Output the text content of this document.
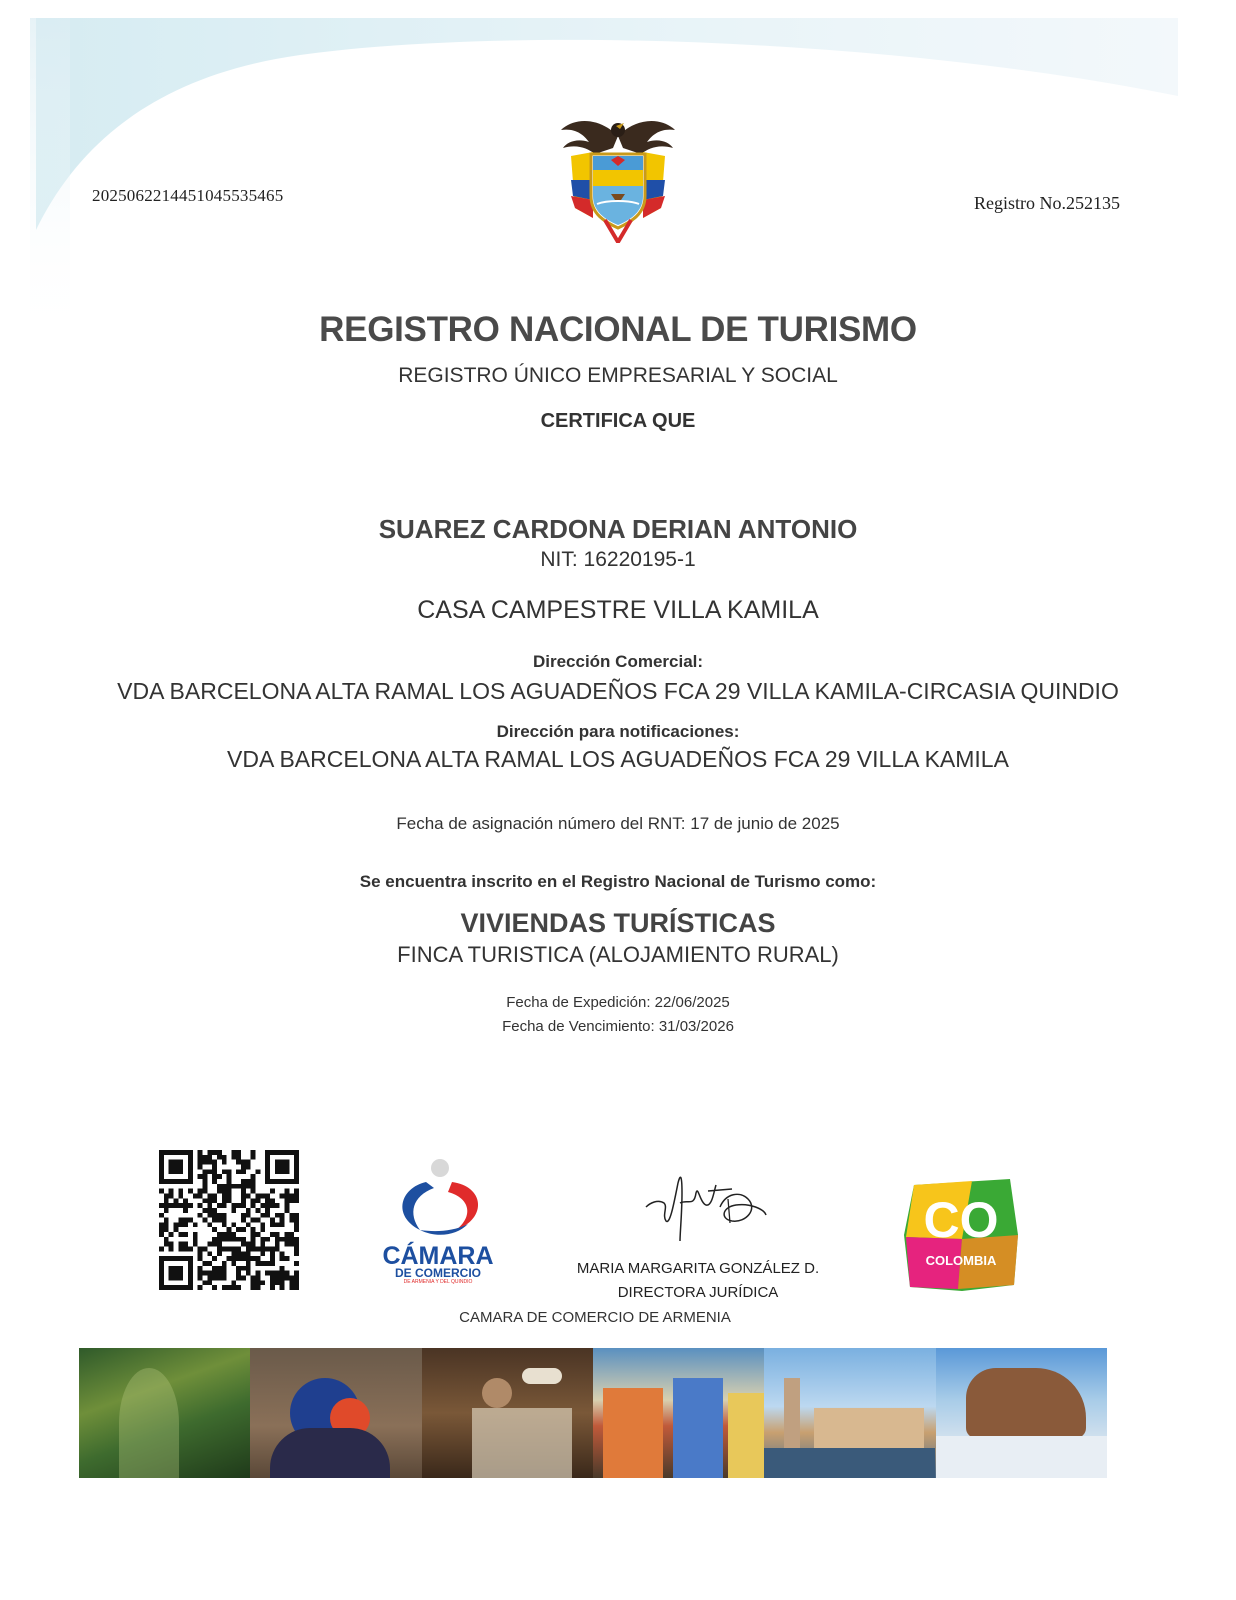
2025062214451045535465	Registro No.252135
REGISTRO NACIONAL DE TURISMO
REGISTRO ÚNICO EMPRESARIAL Y SOCIAL
CERTIFICA QUE
SUAREZ CARDONA DERIAN ANTONIO
NIT: 16220195-1
CASA CAMPESTRE VILLA KAMILA
Dirección Comercial:
VDA BARCELONA ALTA RAMAL LOS AGUADEÑOS FCA 29 VILLA KAMILA-CIRCASIA QUINDIO
Dirección para notificaciones:
VDA BARCELONA ALTA RAMAL LOS AGUADEÑOS FCA 29 VILLA KAMILA
Fecha de asignación número del RNT: 17 de junio de 2025
Se encuentra inscrito en el Registro Nacional de Turismo como:
VIVIENDAS TURÍSTICAS
FINCA TURISTICA (ALOJAMIENTO RURAL)
Fecha de Expedición: 22/06/2025
Fecha de Vencimiento: 31/03/2026
CÁMARA
DE COMERCIO
DE ARMENIA Y DEL QUINDIO
MARIA MARGARITA GONZÁLEZ D.
DIRECTORA JURÍDICA
CAMARA DE COMERCIO DE ARMENIA
CO
COLOMBIA
